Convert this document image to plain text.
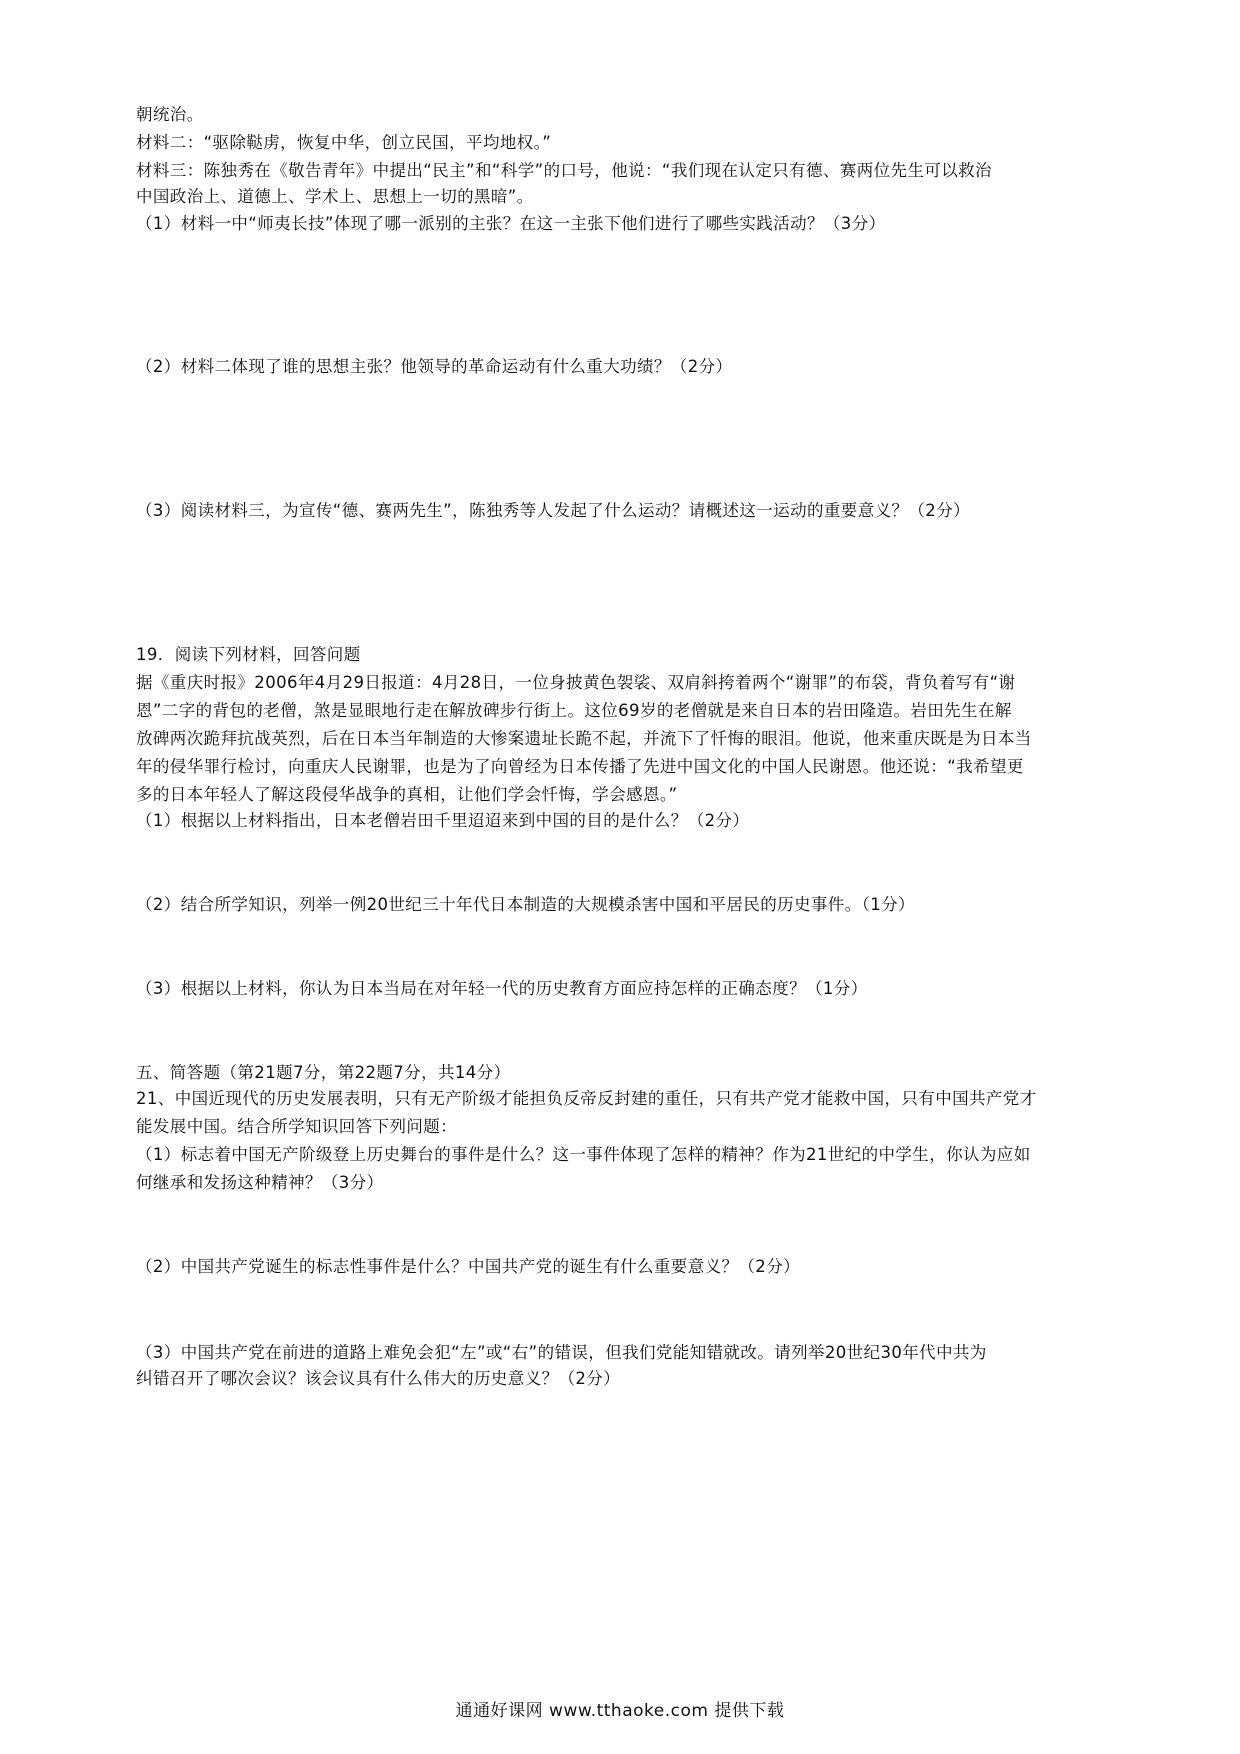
朝统治。
材料二：“驱除鞑虏，恢复中华，创立民国，平均地权。”
材料三：陈独秀在《敬告青年》中提出“民主”和“科学”的口号，他说：“我们现在认定只有德、赛两位先生可以救治
中国政治上、道德上、学术上、思想上一切的黑暗”。
（1）材料一中“师夷长技”体现了哪一派别的主张？在这一主张下他们进行了哪些实践活动？（3分）
（2）材料二体现了谁的思想主张？他领导的革命运动有什么重大功绩？（2分）
（3）阅读材料三，为宣传“德、赛两先生”，陈独秀等人发起了什么运动？请概述这一运动的重要意义？（2分）
19．阅读下列材料，回答问题
据《重庆时报》2006年4月29日报道：4月28日，一位身披黄色袈裟、双肩斜挎着两个“谢罪”的布袋，背负着写有“谢
恩”二字的背包的老僧，煞是显眼地行走在解放碑步行街上。这位69岁的老僧就是来自日本的岩田隆造。岩田先生在解
放碑两次跪拜抗战英烈，后在日本当年制造的大惨案遗址长跪不起，并流下了忏悔的眼泪。他说，他来重庆既是为日本当
年的侵华罪行检讨，向重庆人民谢罪，也是为了向曾经为日本传播了先进中国文化的中国人民谢恩。他还说：“我希望更
多的日本年轻人了解这段侵华战争的真相，让他们学会忏悔，学会感恩。”
（1）根据以上材料指出，日本老僧岩田千里迢迢来到中国的目的是什么？（2分）
（2）结合所学知识，列举一例20世纪三十年代日本制造的大规模杀害中国和平居民的历史事件。（1分）
（3）根据以上材料，你认为日本当局在对年轻一代的历史教育方面应持怎样的正确态度？（1分）
五、简答题（第21题7分，第22题7分，共14分）
21、中国近现代的历史发展表明，只有无产阶级才能担负反帝反封建的重任，只有共产党才能救中国，只有中国共产党才
能发展中国。结合所学知识回答下列问题：
（1）标志着中国无产阶级登上历史舞台的事件是什么？这一事件体现了怎样的精神？作为21世纪的中学生，你认为应如
何继承和发扬这种精神？（3分）
（2）中国共产党诞生的标志性事件是什么？中国共产党的诞生有什么重要意义？（2分）
（3）中国共产党在前进的道路上难免会犯“左”或“右”的错误，但我们党能知错就改。请列举20世纪30年代中共为
纠错召开了哪次会议？该会议具有什么伟大的历史意义？（2分）
通通好课网 www.tthaoke.com 提供下载
